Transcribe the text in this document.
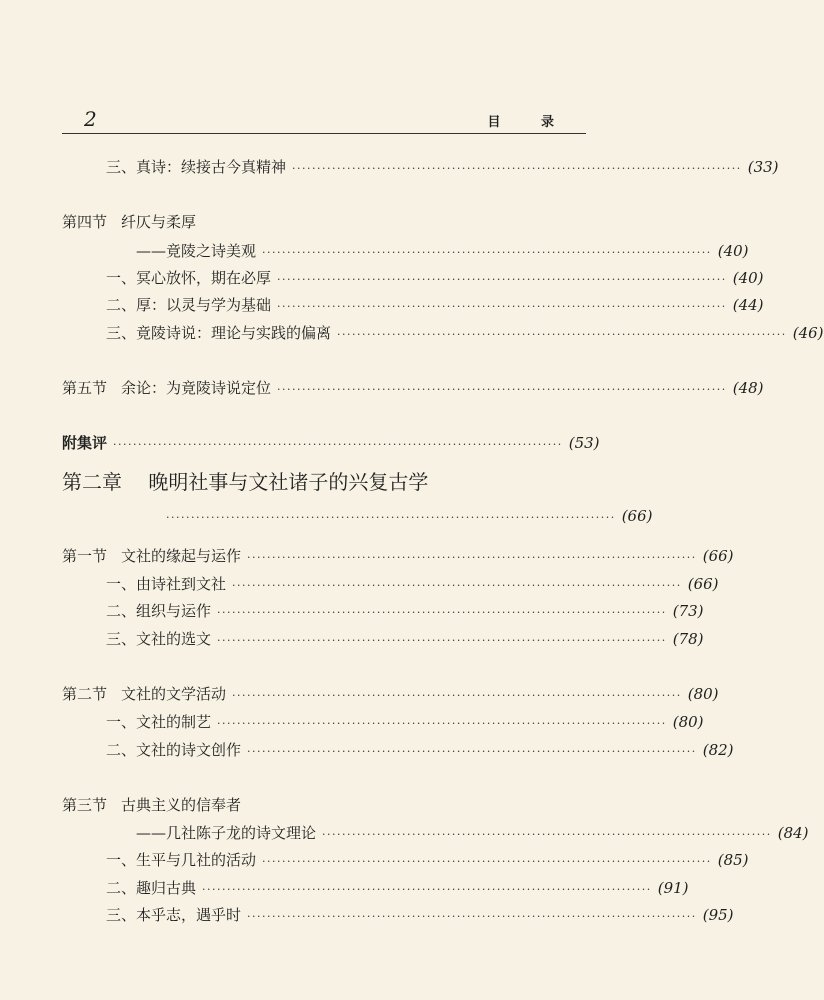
2	目 录
三、真诗：续接古今真精神 ·························································································· (33)
第四节 纤仄与柔厚
——竟陵之诗美观 ·························································································· (40)
一、冥心放怀，期在必厚 ·························································································· (40)
二、厚：以灵与学为基础 ·························································································· (44)
三、竟陵诗说：理论与实践的偏离 ·························································································· (46)
第五节 余论：为竟陵诗说定位 ·························································································· (48)
附集评 ·························································································· (53)
第二章 晚明社事与文社诸子的兴复古学
·························································································· (66)
第一节 文社的缘起与运作 ·························································································· (66)
一、由诗社到文社 ·························································································· (66)
二、组织与运作 ·························································································· (73)
三、文社的选文 ·························································································· (78)
第二节 文社的文学活动 ·························································································· (80)
一、文社的制艺 ·························································································· (80)
二、文社的诗文创作 ·························································································· (82)
第三节 古典主义的信奉者
——几社陈子龙的诗文理论 ·························································································· (84)
一、生平与几社的活动 ·························································································· (85)
二、趣归古典 ·························································································· (91)
三、本乎志，遇乎时 ·························································································· (95)
